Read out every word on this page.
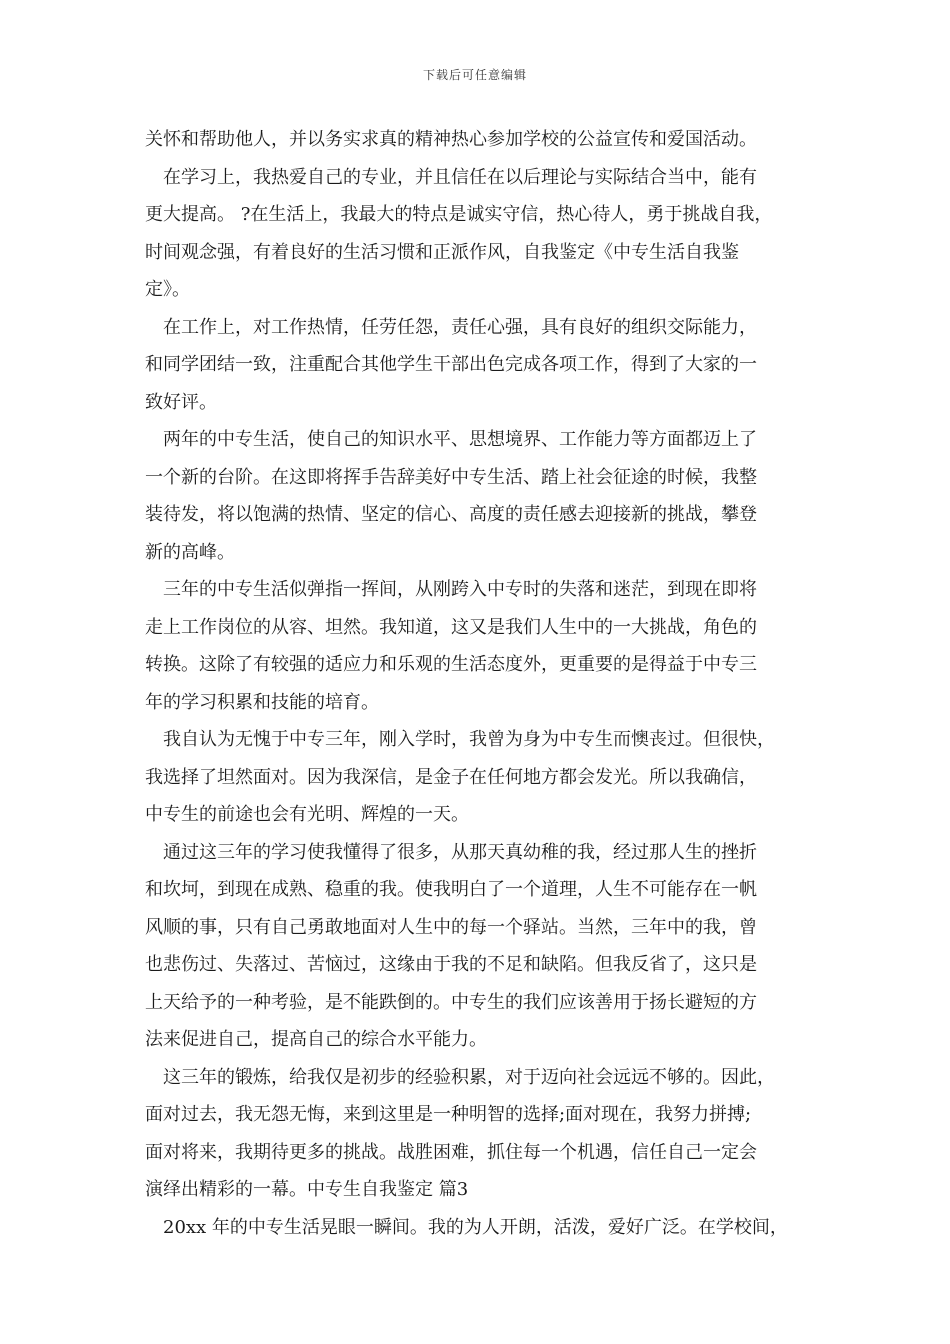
下载后可任意编辑
关怀和帮助他人，并以务实求真的精神热心参加学校的公益宣传和爱国活动。
在学习上，我热爱自己的专业，并且信任在以后理论与实际结合当中，能有
更大提高。 ?在生活上，我最大的特点是诚实守信，热心待人，勇于挑战自我，
时间观念强，有着良好的生活习惯和正派作风，自我鉴定《中专生活自我鉴
定》。
在工作上，对工作热情，任劳任怨，责任心强，具有良好的组织交际能力，
和同学团结一致，注重配合其他学生干部出色完成各项工作，得到了大家的一
致好评。
两年的中专生活，使自己的知识水平、思想境界、工作能力等方面都迈上了
一个新的台阶。在这即将挥手告辞美好中专生活、踏上社会征途的时候，我整
装待发，将以饱满的热情、坚定的信心、高度的责任感去迎接新的挑战，攀登
新的高峰。
三年的中专生活似弹指一挥间，从刚跨入中专时的失落和迷茫，到现在即将
走上工作岗位的从容、坦然。我知道，这又是我们人生中的一大挑战，角色的
转换。这除了有较强的适应力和乐观的生活态度外，更重要的是得益于中专三
年的学习积累和技能的培育。
我自认为无愧于中专三年，刚入学时，我曾为身为中专生而懊丧过。但很快，
我选择了坦然面对。因为我深信，是金子在任何地方都会发光。所以我确信，
中专生的前途也会有光明、辉煌的一天。
通过这三年的学习使我懂得了很多，从那天真幼稚的我，经过那人生的挫折
和坎坷，到现在成熟、稳重的我。使我明白了一个道理，人生不可能存在一帆
风顺的事，只有自己勇敢地面对人生中的每一个驿站。当然，三年中的我，曾
也悲伤过、失落过、苦恼过，这缘由于我的不足和缺陷。但我反省了，这只是
上天给予的一种考验，是不能跌倒的。中专生的我们应该善用于扬长避短的方
法来促进自己，提高自己的综合水平能力。
这三年的锻炼，给我仅是初步的经验积累，对于迈向社会远远不够的。因此，
面对过去，我无怨无悔，来到这里是一种明智的选择;面对现在，我努力拼搏;
面对将来，我期待更多的挑战。战胜困难，抓住每一个机遇，信任自己一定会
演绎出精彩的一幕。中专生自我鉴定 篇3
20xx 年的中专生活晃眼一瞬间。我的为人开朗，活泼，爱好广泛。在学校间，
